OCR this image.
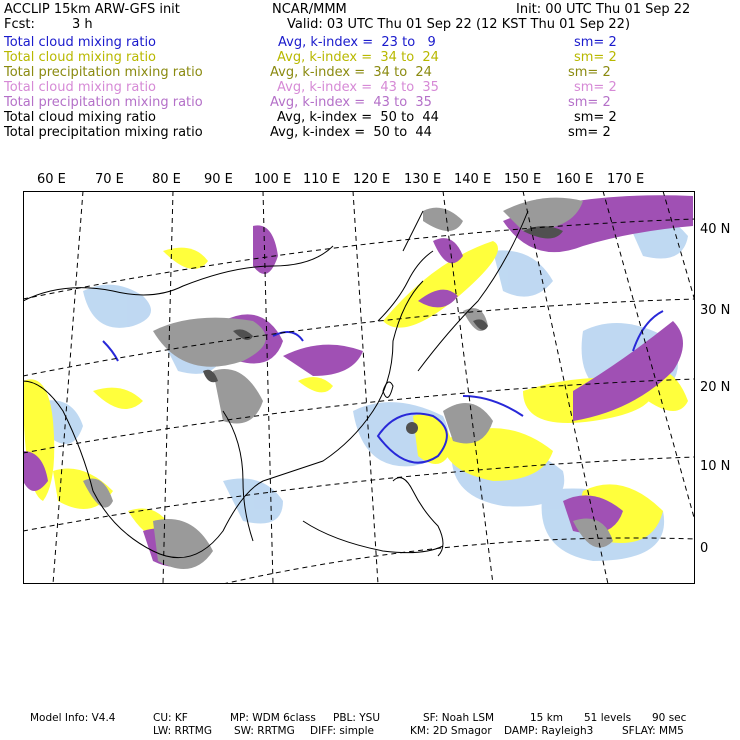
ACCLIP 15km ARW-GFS init	NCAR/MMM	Init: 00 UTC Thu 01 Sep 22
Fcst:	3 h	Valid: 03 UTC Thu 01 Sep 22 (12 KST Thu 01 Sep 22)
Total cloud mixing ratio	Avg, k-index =  23 to   9	sm= 2
Total cloud mixing ratio	Avg, k-index =  34 to  24	sm= 2
Total precipitation mixing ratio	Avg, k-index =  34 to  24	sm= 2
Total cloud mixing ratio	Avg, k-index =  43 to  35	sm= 2
Total precipitation mixing ratio	Avg, k-index =  43 to  35	sm= 2
Total cloud mixing ratio	Avg, k-index =  50 to  44	sm= 2
Total precipitation mixing ratio	Avg, k-index =  50 to  44	sm= 2
60 E 70 E 80 E 90 E 100 E 110 E 120 E 130 E 140 E 150 E 160 E 170 E
40 N
30 N
20 N
10 N
0
Model Info: V4.4	CU: KF	MP: WDM 6class PBL: YSU	SF: Noah LSM	15 km 51 levels 90 sec
LW: RRTMG SW: RRTMG DIFF: simple	KM: 2D Smagor DAMP: Rayleigh3	SFLAY: MM5
